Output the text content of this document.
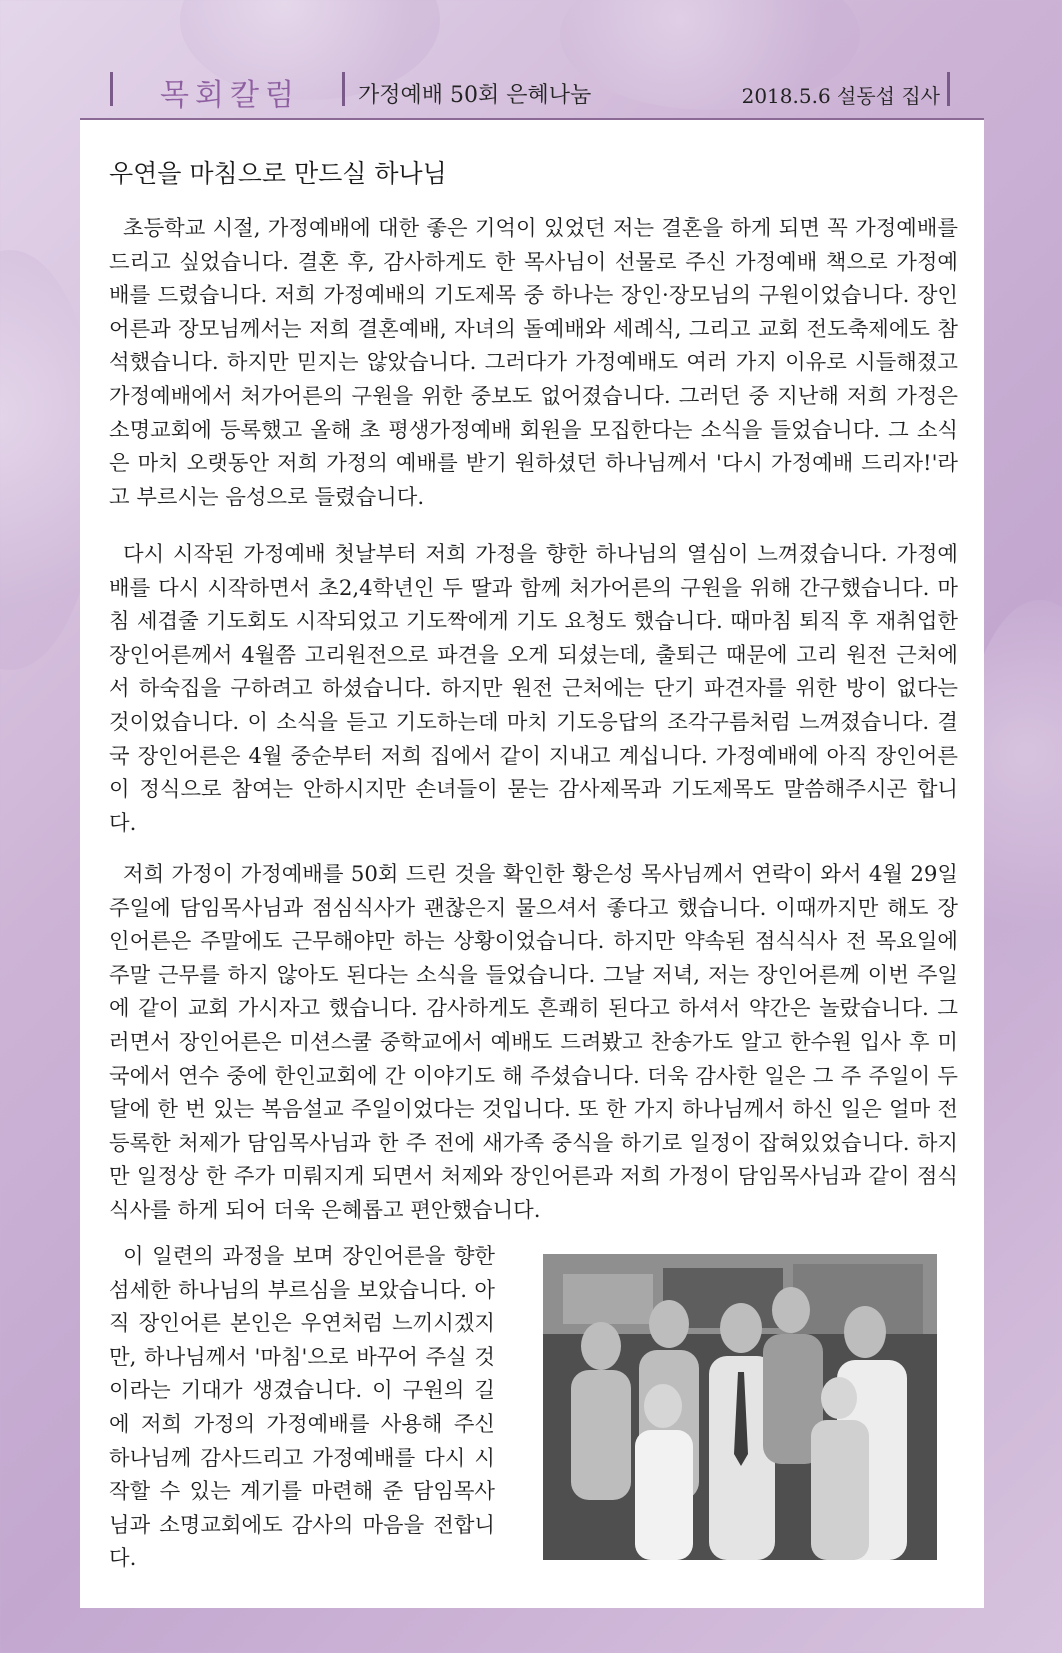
목회칼럼	가정예배 50회 은혜나눔	2018.5.6 설동섭 집사
우연을 마침으로 만드실 하나님

초등학교 시절, 가정예배에 대한 좋은 기억이 있었던 저는 결혼을 하게 되면 꼭 가정예배를 드리고 싶었습니다. 결혼 후, 감사하게도 한 목사님이 선물로 주신 가정예배 책으로 가정예배를 드렸습니다. 저희 가정예배의 기도제목 중 하나는 장인·장모님의 구원이었습니다. 장인어른과 장모님께서는 저희 결혼예배, 자녀의 돌예배와 세례식, 그리고 교회 전도축제에도 참석했습니다. 하지만 믿지는 않았습니다. 그러다가 가정예배도 여러 가지 이유로 시들해졌고 가정예배에서 처가어른의 구원을 위한 중보도 없어졌습니다. 그러던 중 지난해 저희 가정은 소명교회에 등록했고 올해 초 평생가정예배 회원을 모집한다는 소식을 들었습니다. 그 소식은 마치 오랫동안 저희 가정의 예배를 받기 원하셨던 하나님께서 '다시 가정예배 드리자!'라고 부르시는 음성으로 들렸습니다.

다시 시작된 가정예배 첫날부터 저희 가정을 향한 하나님의 열심이 느껴졌습니다. 가정예배를 다시 시작하면서 초2,4학년인 두 딸과 함께 처가어른의 구원을 위해 간구했습니다. 마침 세겹줄 기도회도 시작되었고 기도짝에게 기도 요청도 했습니다. 때마침 퇴직 후 재취업한 장인어른께서 4월쯤 고리원전으로 파견을 오게 되셨는데, 출퇴근 때문에 고리 원전 근처에서 하숙집을 구하려고 하셨습니다. 하지만 원전 근처에는 단기 파견자를 위한 방이 없다는 것이었습니다. 이 소식을 듣고 기도하는데 마치 기도응답의 조각구름처럼 느껴졌습니다. 결국 장인어른은 4월 중순부터 저희 집에서 같이 지내고 계십니다. 가정예배에 아직 장인어른이 정식으로 참여는 안하시지만 손녀들이 묻는 감사제목과 기도제목도 말씀해주시곤 합니다.

저희 가정이 가정예배를 50회 드린 것을 확인한 황은성 목사님께서 연락이 와서 4월 29일 주일에 담임목사님과 점심식사가 괜찮은지 물으셔서 좋다고 했습니다. 이때까지만 해도 장인어른은 주말에도 근무해야만 하는 상황이었습니다. 하지만 약속된 점식식사 전 목요일에 주말 근무를 하지 않아도 된다는 소식을 들었습니다. 그날 저녁, 저는 장인어른께 이번 주일에 같이 교회 가시자고 했습니다. 감사하게도 흔쾌히 된다고 하셔서 약간은 놀랐습니다. 그러면서 장인어른은 미션스쿨 중학교에서 예배도 드려봤고 찬송가도 알고 한수원 입사 후 미국에서 연수 중에 한인교회에 간 이야기도 해 주셨습니다. 더욱 감사한 일은 그 주 주일이 두 달에 한 번 있는 복음설교 주일이었다는 것입니다. 또 한 가지 하나님께서 하신 일은 얼마 전 등록한 처제가 담임목사님과 한 주 전에 새가족 중식을 하기로 일정이 잡혀있었습니다. 하지만 일정상 한 주가 미뤄지게 되면서 처제와 장인어른과 저희 가정이 담임목사님과 같이 점식식사를 하게 되어 더욱 은혜롭고 편안했습니다.

이 일련의 과정을 보며 장인어른을 향한 섬세한 하나님의 부르심을 보았습니다. 아직 장인어른 본인은 우연처럼 느끼시겠지만, 하나님께서 '마침'으로 바꾸어 주실 것이라는 기대가 생겼습니다. 이 구원의 길에 저희 가정의 가정예배를 사용해 주신 하나님께 감사드리고 가정예배를 다시 시작할 수 있는 계기를 마련해 준 담임목사님과 소명교회에도 감사의 마음을 전합니다.
